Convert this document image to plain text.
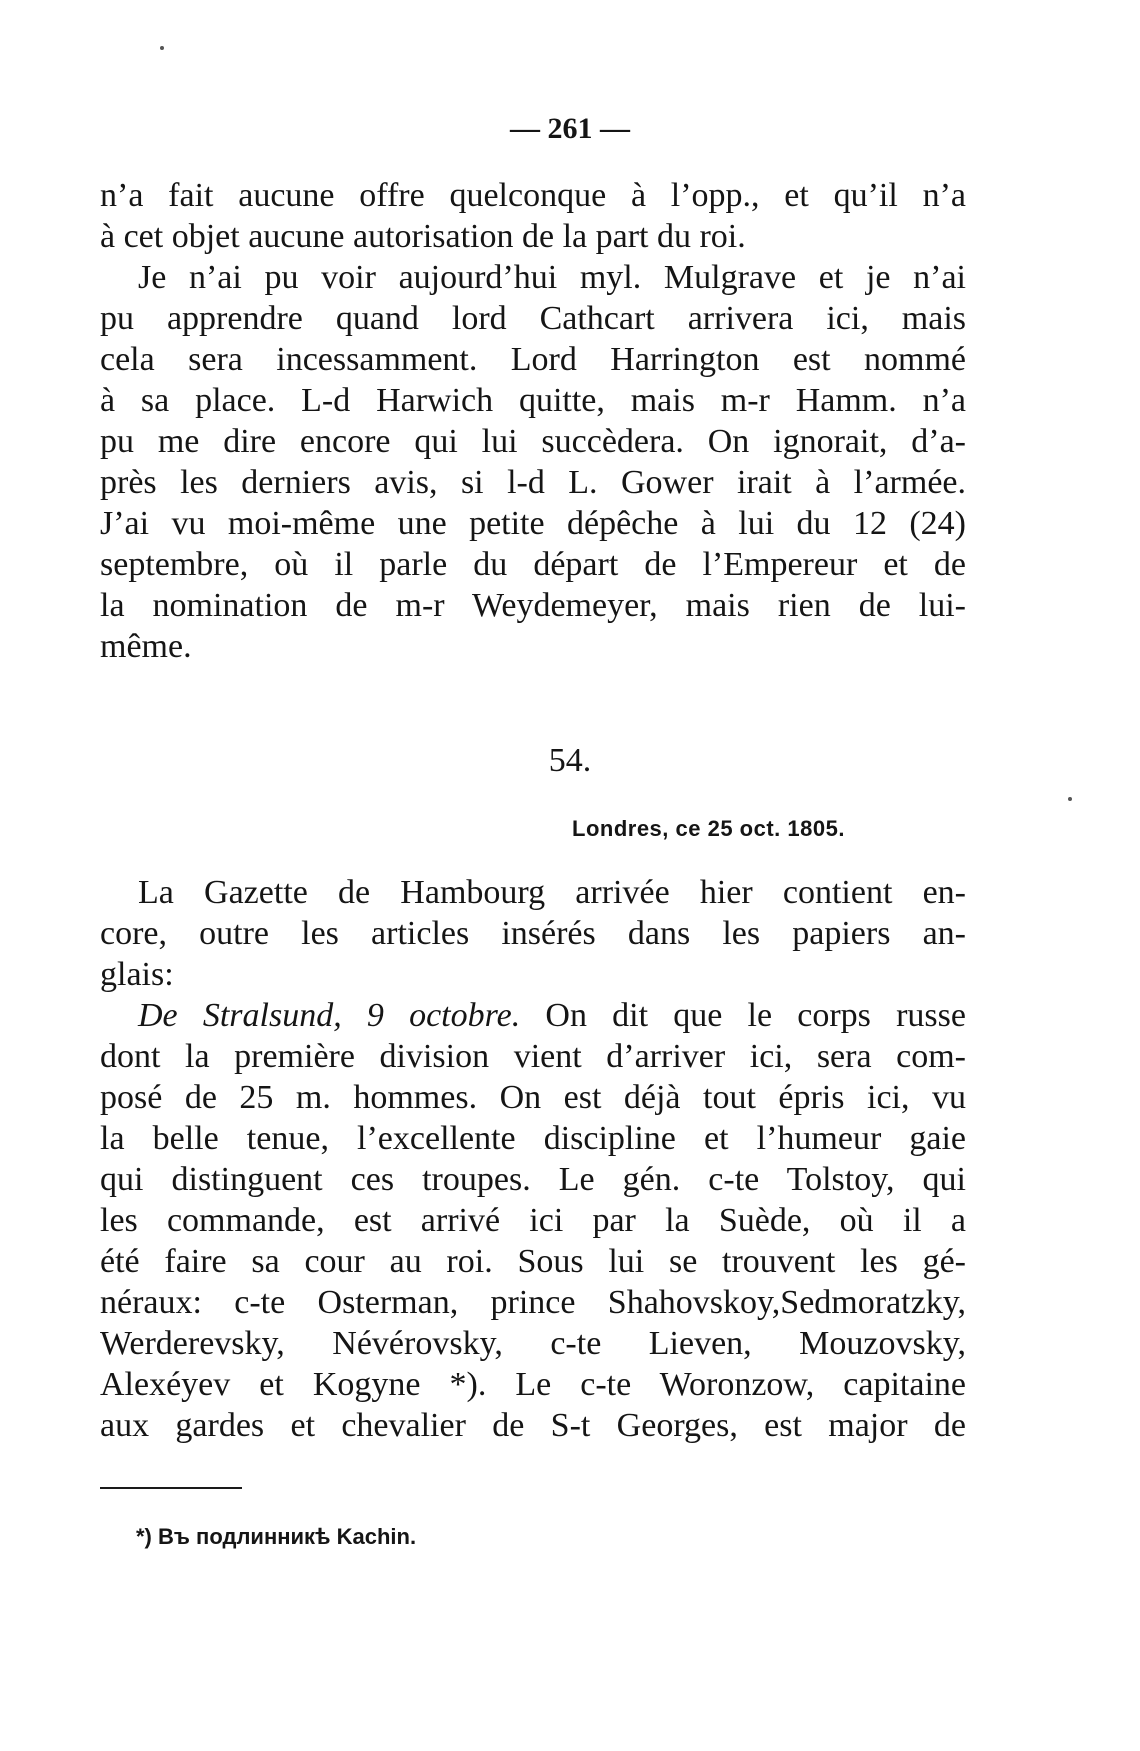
— 261 —
n’a fait aucune offre quelconque à l’opp., et qu’il n’a
à cet objet aucune autorisation de la part du roi.
Je n’ai pu voir aujourd’hui myl. Mulgrave et je n’ai
pu apprendre quand lord Cathcart arrivera ici, mais
cela sera incessamment. Lord Harrington est nommé
à sa place. L-d Harwich quitte, mais m-r Hamm. n’a
pu me dire encore qui lui succèdera. On ignorait, d’a-
près les derniers avis, si l-d L. Gower irait à l’armée.
J’ai vu moi-même une petite dépêche à lui du 12 (24)
septembre, où il parle du départ de l’Empereur et de
la nomination de m-r Weydemeyer, mais rien de lui-
même.
54.
Londres, ce 25 oct. 1805.
La Gazette de Hambourg arrivée hier contient en-
core, outre les articles insérés dans les papiers an-
glais:
De Stralsund, 9 octobre. On dit que le corps russe
dont la première division vient d’arriver ici, sera com-
posé de 25 m. hommes. On est déjà tout épris ici, vu
la belle tenue, l’excellente discipline et l’humeur gaie
qui distinguent ces troupes. Le gén. c-te Tolstoy, qui
les commande, est arrivé ici par la Suède, où il a
été faire sa cour au roi. Sous lui se trouvent les gé-
néraux: c-te Osterman, prince Shahovskoy,Sedmoratzky,
Werderevsky, Névérovsky, c-te Lieven, Mouzovsky,
Alexéyev et Kogyne *). Le c-te Woronzow, capitaine
aux gardes et chevalier de S-t Georges, est major de
*) Въ подлинникѣ Kachin.
